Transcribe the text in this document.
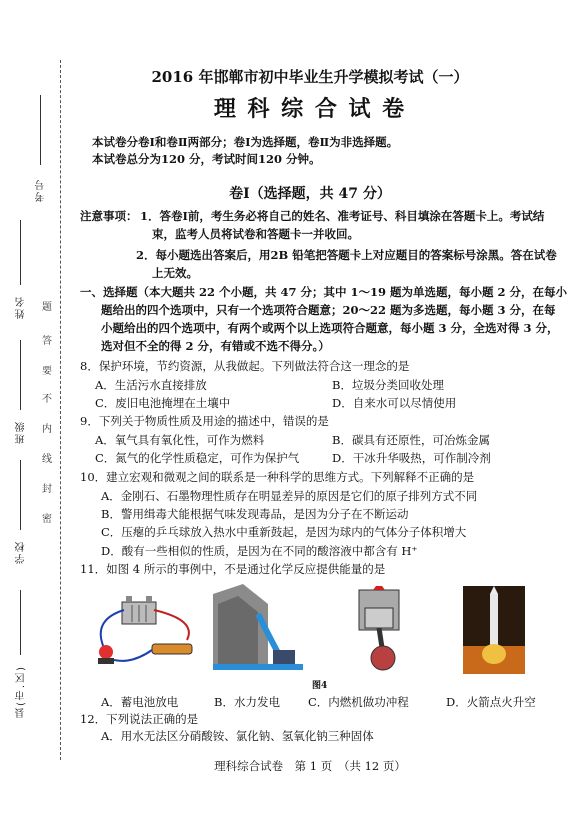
考号
姓名
班级
学校
县(市.区)
题
答
要
不
内
线
封
密
2016 年邯郸市初中毕业生升学模拟考试（一）
理 科 综 合 试 卷
本试卷分卷Ⅰ和卷Ⅱ两部分；卷Ⅰ为选择题，卷Ⅱ为非选择题。
本试卷总分为120 分，考试时间120 分钟。
卷Ⅰ（选择题，共 47 分）
注意事项： 1．答卷Ⅰ前，考生务必将自己的姓名、准考证号、科目填涂在答题卡上。考试结
束，监考人员将试卷和答题卡一并收回。
2．每小题选出答案后，用2B 铅笔把答题卡上对应题目的答案标号涂黑。答在试卷
上无效。
一、选择题（本大题共 22 个小题，共 47 分；其中 1～19 题为单选题，每小题 2 分，在每小
题给出的四个选项中，只有一个选项符合题意；20～22 题为多选题，每小题 3 分，在每
小题给出的四个选项中，有两个或两个以上选项符合题意，每小题 3 分，全选对得 3 分，
选对但不全的得 2 分，有错或不选不得分。）
8．保护环境，节约资源，从我做起。下列做法符合这一理念的是
A．生活污水直接排放	B．垃圾分类回收处理
C．废旧电池掩埋在土壤中	D．自来水可以尽情使用
9．下列关于物质性质及用途的描述中，错误的是
A．氧气具有氧化性，可作为燃料	B．碳具有还原性，可冶炼金属
C．氮气的化学性质稳定，可作为保护气	D．干冰升华吸热，可作制冷剂
10．建立宏观和微观之间的联系是一种科学的思维方式。下列解释不正确的是
A．金刚石、石墨物理性质存在明显差异的原因是它们的原子排列方式不同
B．警用缉毒犬能根据气味发现毒品，是因为分子在不断运动
C．压瘪的乒乓球放入热水中重新鼓起，是因为球内的气体分子体积增大
D．酸有一些相似的性质，是因为在不同的酸溶液中都含有 H⁺
11．如图 4 所示的事例中，不是通过化学反应提供能量的是
图4
A．蓄电池放电	B．水力发电 C．内燃机做功冲程	D．火箭点火升空
12．下列说法正确的是
A．用水无法区分硝酸铵、氯化钠、氢氧化钠三种固体
理科综合试卷　第 1 页　（共 12 页）
